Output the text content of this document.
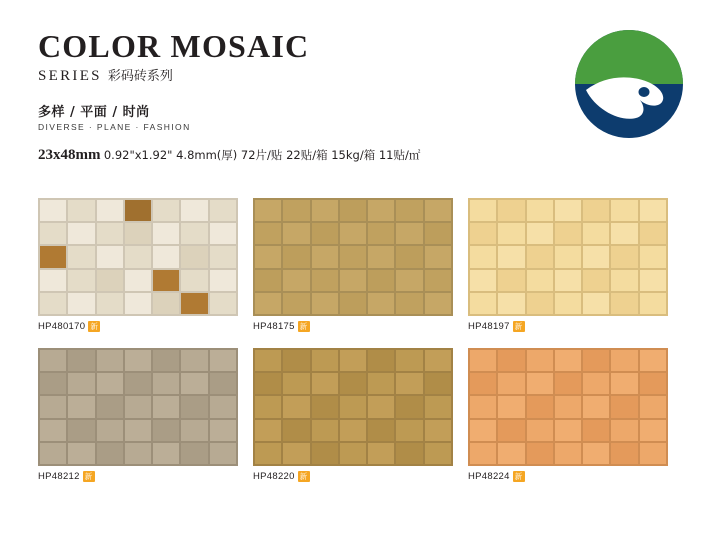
COLOR MOSAIC
SERIES 彩码砖系列
多样 / 平面 / 时尚
DIVERSE · PLANE · FASHION
23x48mm 0.92"x1.92" 4.8mm(厚) 72片/贴 22贴/箱 15kg/箱 11贴/㎡
HP480170 新	HP48175 新	HP48197 新
HP48212 新	HP48220 新	HP48224 新
